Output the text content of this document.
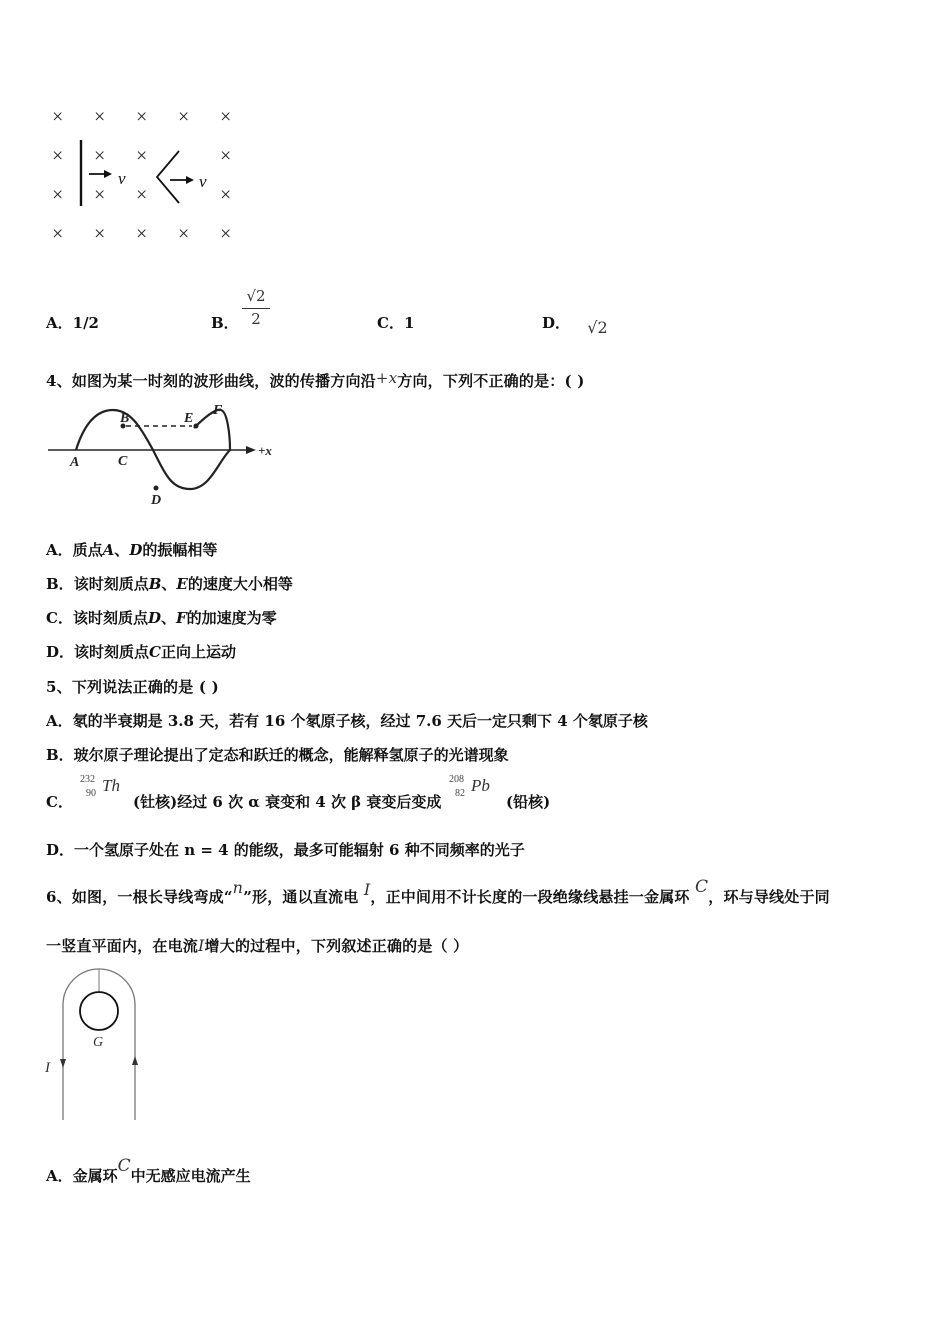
× × × × ×
× × ×	×
× × ×	×
× × × × ×
v	v
A．1/2	B．
√2
2	C．1	D． √2
4、如图为某一时刻的波形曲线，波的传播方向沿+x方向，下列不正确的是：( )
+x
A
B
C
D
E
F
A．质点A、D的振幅相等
B．该时刻质点B、E的速度大小相等
C．该时刻质点D、F的加速度为零
D．该时刻质点C正向上运动
5、下列说法正确的是 ( )
A．氡的半衰期是 3.8 天，若有 16 个氡原子核，经过 7.6 天后一定只剩下 4 个氡原子核
B．玻尔原子理论提出了定态和跃迁的概念，能解释氢原子的光谱现象
C．
232
90 Th
(钍核)经过 6 次 α 衰变和 4 次 β 衰变后变成
208
82 Pb
(铅核)
D．一个氢原子处在 n = 4 的能级，最多可能辐射 6 种不同频率的光子
6、如图，一根长导线弯成“n”形，通以直流电 I，正中间用不计长度的一段绝缘线悬挂一金属环 C，环与导线处于同
一竖直平面内，在电流I增大的过程中，下列叙述正确的是（ ）
G
I
A．金属环C中无感应电流产生
